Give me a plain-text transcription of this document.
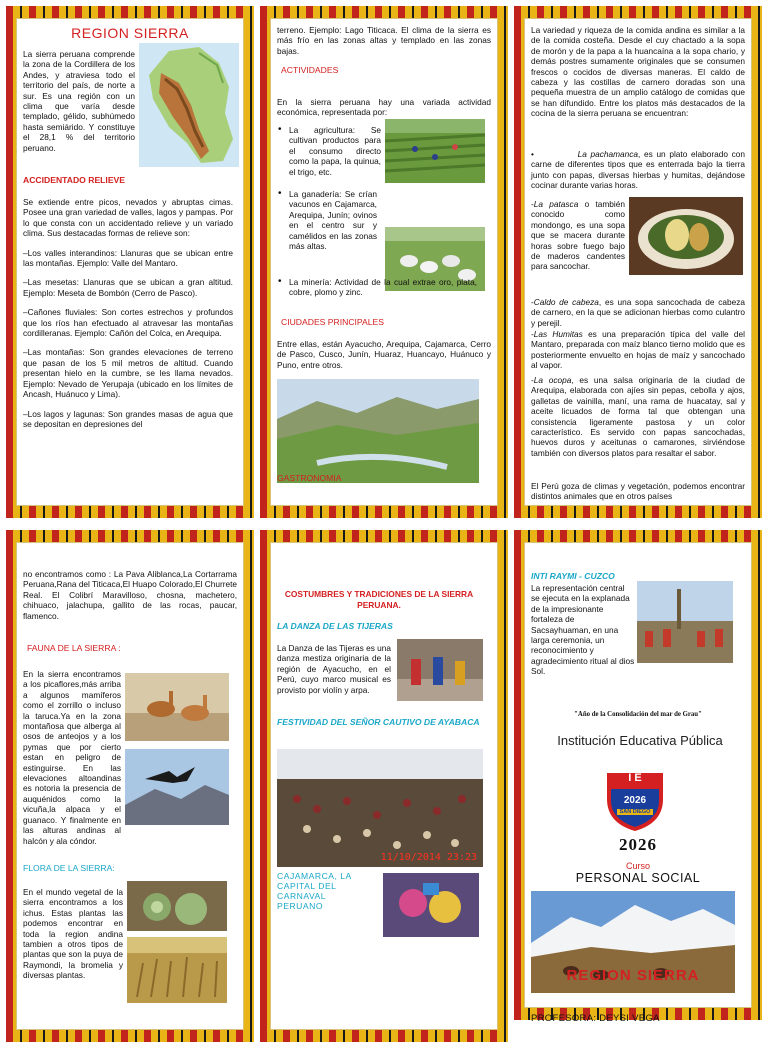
REGION SIERRA
La sierra peruana comprende la zona de la Cordillera de los Andes, y atraviesa todo el territorio del país, de norte a sur. Es una región con un clima que varía desde templado, gélido, subhúmedo hasta semiárido. Y constituye el 28,1 % del territorio peruano.
ACCIDENTADO RELIEVE

Se extiende entre picos, nevados y abruptas cimas. Posee una gran variedad de valles, lagos y pampas. Por lo que consta con un accidentado relieve y un variado clima. Sus destacadas formas de relieve son:

–Los valles interandinos: Llanuras que se ubican entre las montañas. Ejemplo: Valle del Mantaro.

–Las mesetas: Llanuras que se ubican a gran altitud. Ejemplo: Meseta de Bombón (Cerro de Pasco).

–Cañones fluviales: Son cortes estrechos y profundos que los ríos han efectuado al atravesar las montañas cordilleranas. Ejemplo: Cañón del Colca, en Arequipa.

–Las montañas: Son grandes elevaciones de terreno que pasan de los 5 mil metros de altitud. Cuando presentan hielo en la cumbre, se les llama nevados. Ejemplo: Nevado de Yerupaja (ubicado en los límites de Ancash, Huánuco y Lima).

–Los lagos y lagunas: Son grandes masas de agua que se depositan en depresiones del

terreno. Ejemplo: Lago Titicaca. El clima de la sierra es más frío en las zonas altas y templado en las zonas bajas.
ACTIVIDADES
En la sierra peruana hay una variada actividad económica, representada por:
• La agricultura: Se cultivan productos para el consumo directo como la papa, la quinua, el trigo, etc.
• La ganadería: Se crían vacunos en Cajamarca, Arequipa, Junín; ovinos en el centro sur y camélidos en las zonas más altas.
• La minería: Actividad de la cual extrae oro, plata, cobre, plomo y zinc.
CIUDADES PRINCIPALES
Entre ellas, están Ayacucho, Arequipa, Cajamarca, Cerro de Pasco, Cusco, Junín, Huaraz, Huancayo, Huánuco y Puno, entre otros.
GASTRONOMIA
La variedad y riqueza de la comida andina es similar a la de la comida costeña. Desde el cuy chactado a la sopa de morón y de la papa a la huancaína a la sopa chario, y demás postres sumamente originales que se consumen frescos o cocidos de diversas maneras. El caldo de cabeza y las costillas de carnero doradas son una pequeña muestra de un amplio catálogo de comidas que se han difundido. Entre los platos más destacados de la cocina de la sierra peruana se encuentran:
•	La pachamanca, es un plato elaborado con carne de diferentes tipos que es enterrada bajo la tierra junto con papas, diversas hierbas y humitas, dejándose cocinar durante varias horas.
-La patasca o también conocido como mondongo, es una sopa que se macera durante horas sobre fuego bajo de maderos candentes para sancochar.
-Caldo de cabeza, es una sopa sancochada de cabeza de carnero, en la que se adicionan hierbas como culantro y perejil.
-Las Humitas es una preparación típica del valle del Mantaro, preparada con maíz blanco tierno molido que es posteriormente envuelto en hojas de maíz y sancochado al vapor.
-La ocopa, es una salsa originaria de la ciudad de Arequipa, elaborada con ajíes sin pepas, cebolla y ajos, galletas de vainilla, maní, una rama de huacatay, sal y aceite licuados de forma tal que obtengan una consistencia ligeramente pastosa y un color característico. Es servido con papas sancochadas, huevos duros y aceitunas o camarones, sirviéndose también con diversos platos para resaltar el sabor.
El Perú goza de climas y vegetación, podemos encontrar distintos animales que en otros países
no encontramos como : La Pava Aliblanca,La Cortarrama Peruana,Rana del Titicaca,El Huapo Colorado,El Churrete Real. El Colibrí Maravilloso, chosna, machetero, chihuaco, jalachupa, gallito de las rocas, paucar, flamenco.
FAUNA DE LA SIERRA :
En la sierra encontramos a los picaflores,más arriba a algunos mamíferos como el zorrillo o incluso la taruca.Ya en la zona montañosa que alberga al osos de anteojos y a los pymas que por cierto estan en peligro de estinguirse. En las elevaciones altoandinas es notoria la presencia de auquénidos como la vicuña,la alpaca y el guanaco. Y finalmente en las alturas andinas al halcón y ala cóndor.
FLORA DE LA SIERRA:
En el mundo vegetal de la sierra encontramos a los ichus. Estas plantas las podemos encontrar en toda la region andina tambien a otros tipos de plantas que son la puya de Raymondi, la bromelia y diversas plantas.
COSTUMBRES Y TRADICIONES DE LA SIERRA PERUANA.
LA DANZA DE LAS TIJERAS
La Danza de las Tijeras es una danza mestiza originaria de la región de Ayacucho, en el Perú, cuyo marco musical es provisto por violín y arpa.
FESTIVIDAD DEL SEÑOR CAUTIVO DE AYABACA
11/10/2014 23:23
CAJAMARCA, LA CAPITAL DEL CARNAVAL PERUANO
INTI RAYMI - CUZCO
La representación central se ejecuta en la explanada de la impresionante fortaleza de Sacsayhuaman, en una larga ceremonia, un reconocimiento y agradecimiento ritual al dios Sol.
"Año de la Consolidación del mar de Grau"
Institución Educativa Pública
I E
2026
SAN DIEGO
2026
Curso
PERSONAL SOCIAL
REGION SIERRA
PROFESORA: DEYSI VEGA
